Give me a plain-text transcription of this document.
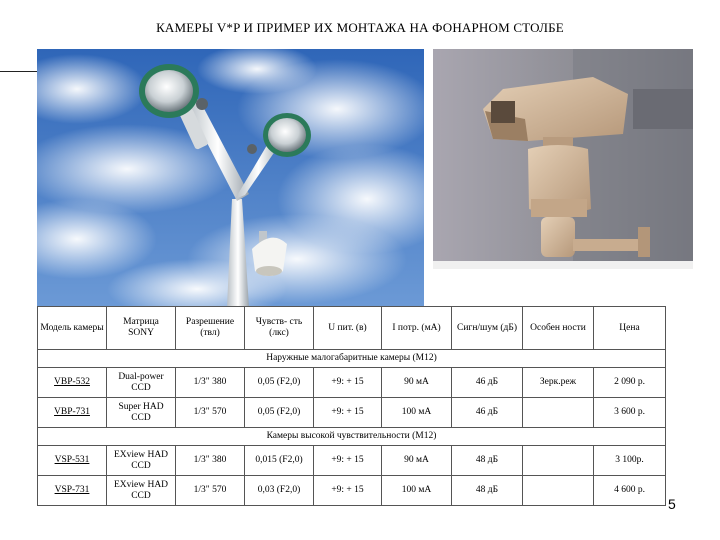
КАМЕРЫ V*P И ПРИМЕР ИХ МОНТАЖА НА ФОНАРНОМ СТОЛБЕ
Модель камеры	Матрица SONY	Разрешение (твл)	Чувств- сть (лкс)	U пит. (в)	I потр. (мА)	Сигн/шум (дБ)	Особен ности	Цена
Наружные малогабаритные камеры (М12)								
VBP-532	Dual-power CCD	1/3" 380	0,05 (F2,0)	+9: + 15	90 мА	46 дБ	Зерк.реж	2 090 р.
VBP-731	Super HAD CCD	1/3" 570	0,05 (F2,0)	+9: + 15	100 мА	46 дБ		3 600 р.
Камеры высокой чувствительности (М12)								
VSP-531	EXview HAD CCD	1/3" 380	0,015 (F2,0)	+9: + 15	90 мА	48 дБ		3 100р.
VSP-731	EXview HAD CCD	1/3" 570	0,03 (F2,0)	+9: + 15	100 мА	48 дБ		4 600 р.
5
